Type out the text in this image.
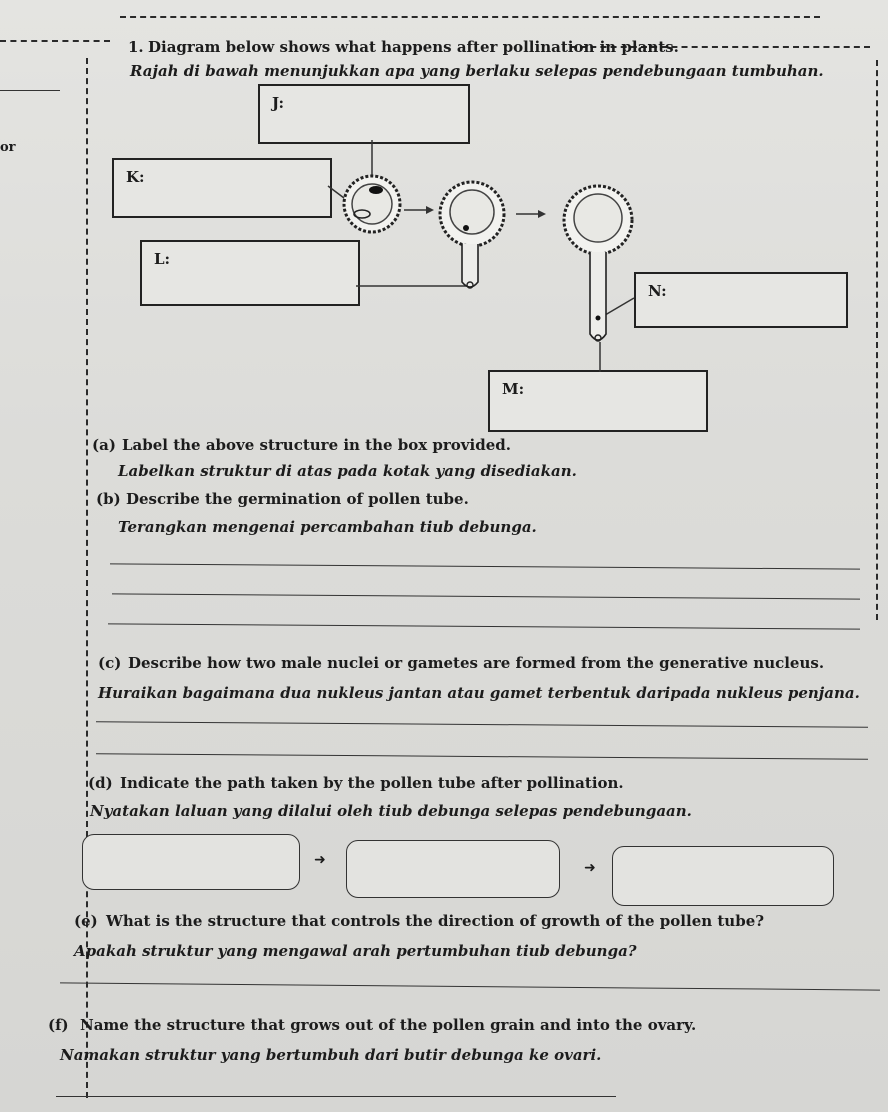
or
1. Diagram below shows what happens after pollination in plants.
Rajah di bawah menunjukkan apa yang berlaku selepas pendebungaan tumbuhan.
J:
K:
L:
N:
M:
(a) Label the above structure in the box provided.
Labelkan struktur di atas pada kotak yang disediakan.
(b) Describe the germination of pollen tube.
Terangkan mengenai percambahan tiub debunga.
(c) Describe how two male nuclei or gametes are formed from the generative nucleus.
Huraikan bagaimana dua nukleus jantan atau gamet terbentuk daripada nukleus penjana.
(d) Indicate the path taken by the pollen tube after pollination.
Nyatakan laluan yang dilalui oleh tiub debunga selepas pendebungaan.
➜	➜
(e) What is the structure that controls the direction of growth of the pollen tube?
Apakah struktur yang mengawal arah pertumbuhan tiub debunga?
(f) Name the structure that grows out of the pollen grain and into the ovary.
Namakan struktur yang bertumbuh dari butir debunga ke ovari.
